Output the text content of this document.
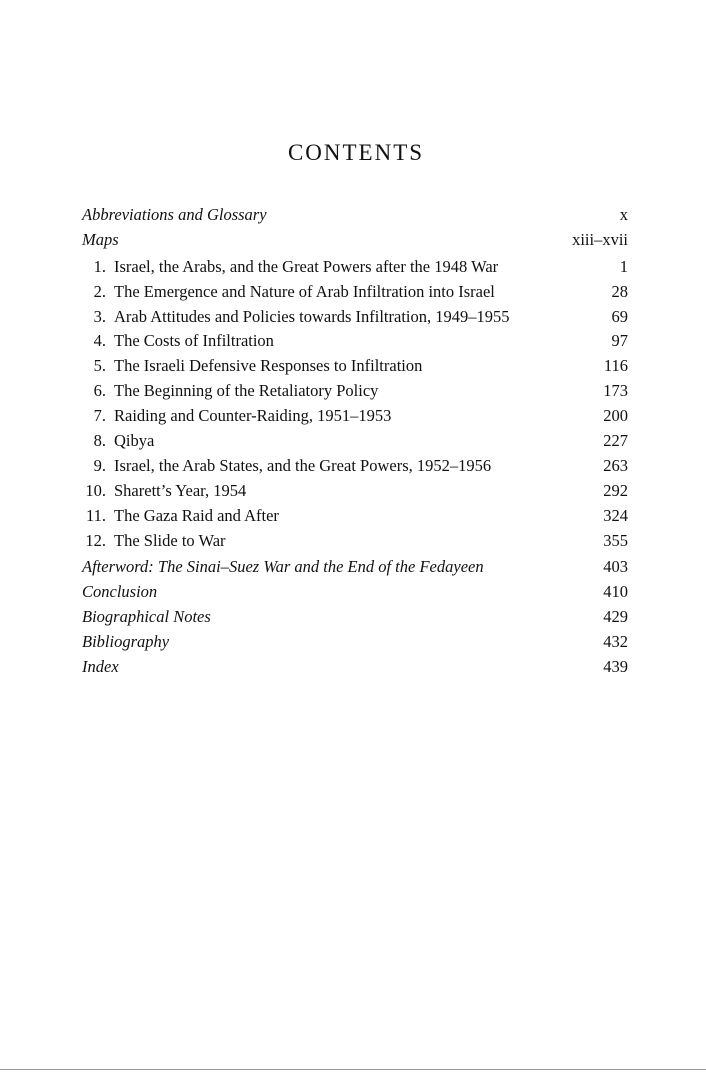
CONTENTS
Abbreviations and Glossary	x
Maps	xiii–xvii
1. Israel, the Arabs, and the Great Powers after the 1948 War	1
2. The Emergence and Nature of Arab Infiltration into Israel	28
3. Arab Attitudes and Policies towards Infiltration, 1949–1955	69
4. The Costs of Infiltration	97
5. The Israeli Defensive Responses to Infiltration	116
6. The Beginning of the Retaliatory Policy	173
7. Raiding and Counter-Raiding, 1951–1953	200
8. Qibya	227
9. Israel, the Arab States, and the Great Powers, 1952–1956	263
10. Sharett’s Year, 1954	292
11. The Gaza Raid and After	324
12. The Slide to War	355
Afterword: The Sinai–Suez War and the End of the Fedayeen	403
Conclusion	410
Biographical Notes	429
Bibliography	432
Index	439
